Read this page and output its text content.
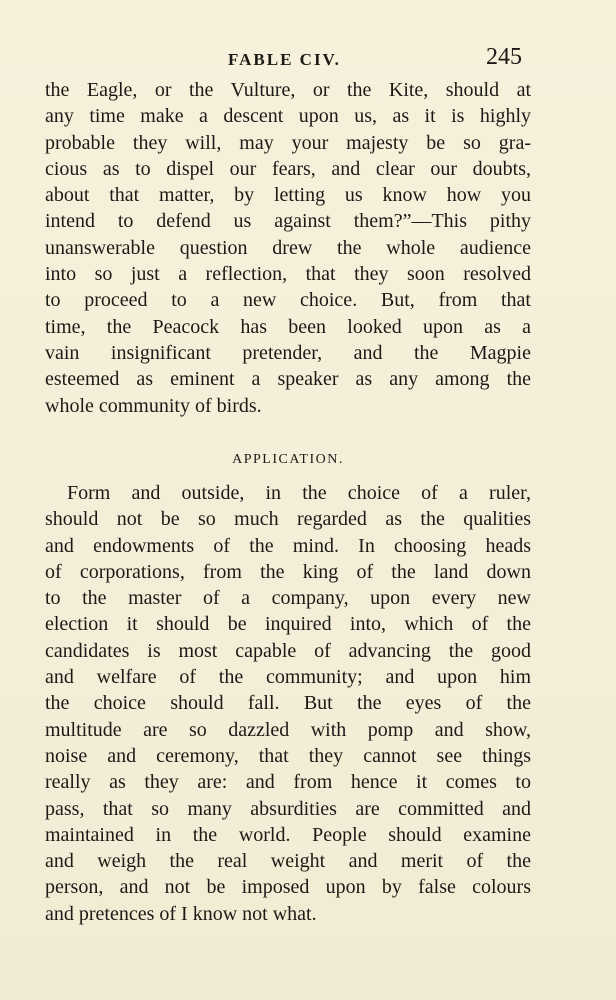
FABLE CIV.	245
the Eagle, or the Vulture, or the Kite, should at
any time make a descent upon us, as it is highly
probable they will, may your majesty be so gra-
cious as to dispel our fears, and clear our doubts,
about that matter, by letting us know how you
intend to defend us against them?”—This pithy
unanswerable question drew the whole audience
into so just a reflection, that they soon resolved
to proceed to a new choice. But, from that
time, the Peacock has been looked upon as a
vain insignificant pretender, and the Magpie
esteemed as eminent a speaker as any among the
whole community of birds.
APPLICATION.
Form and outside, in the choice of a ruler,
should not be so much regarded as the qualities
and endowments of the mind. In choosing heads
of corporations, from the king of the land down
to the master of a company, upon every new
election it should be inquired into, which of the
candidates is most capable of advancing the good
and welfare of the community; and upon him
the choice should fall. But the eyes of the
multitude are so dazzled with pomp and show,
noise and ceremony, that they cannot see things
really as they are: and from hence it comes to
pass, that so many absurdities are committed and
maintained in the world. People should examine
and weigh the real weight and merit of the
person, and not be imposed upon by false colours
and pretences of I know not what.
